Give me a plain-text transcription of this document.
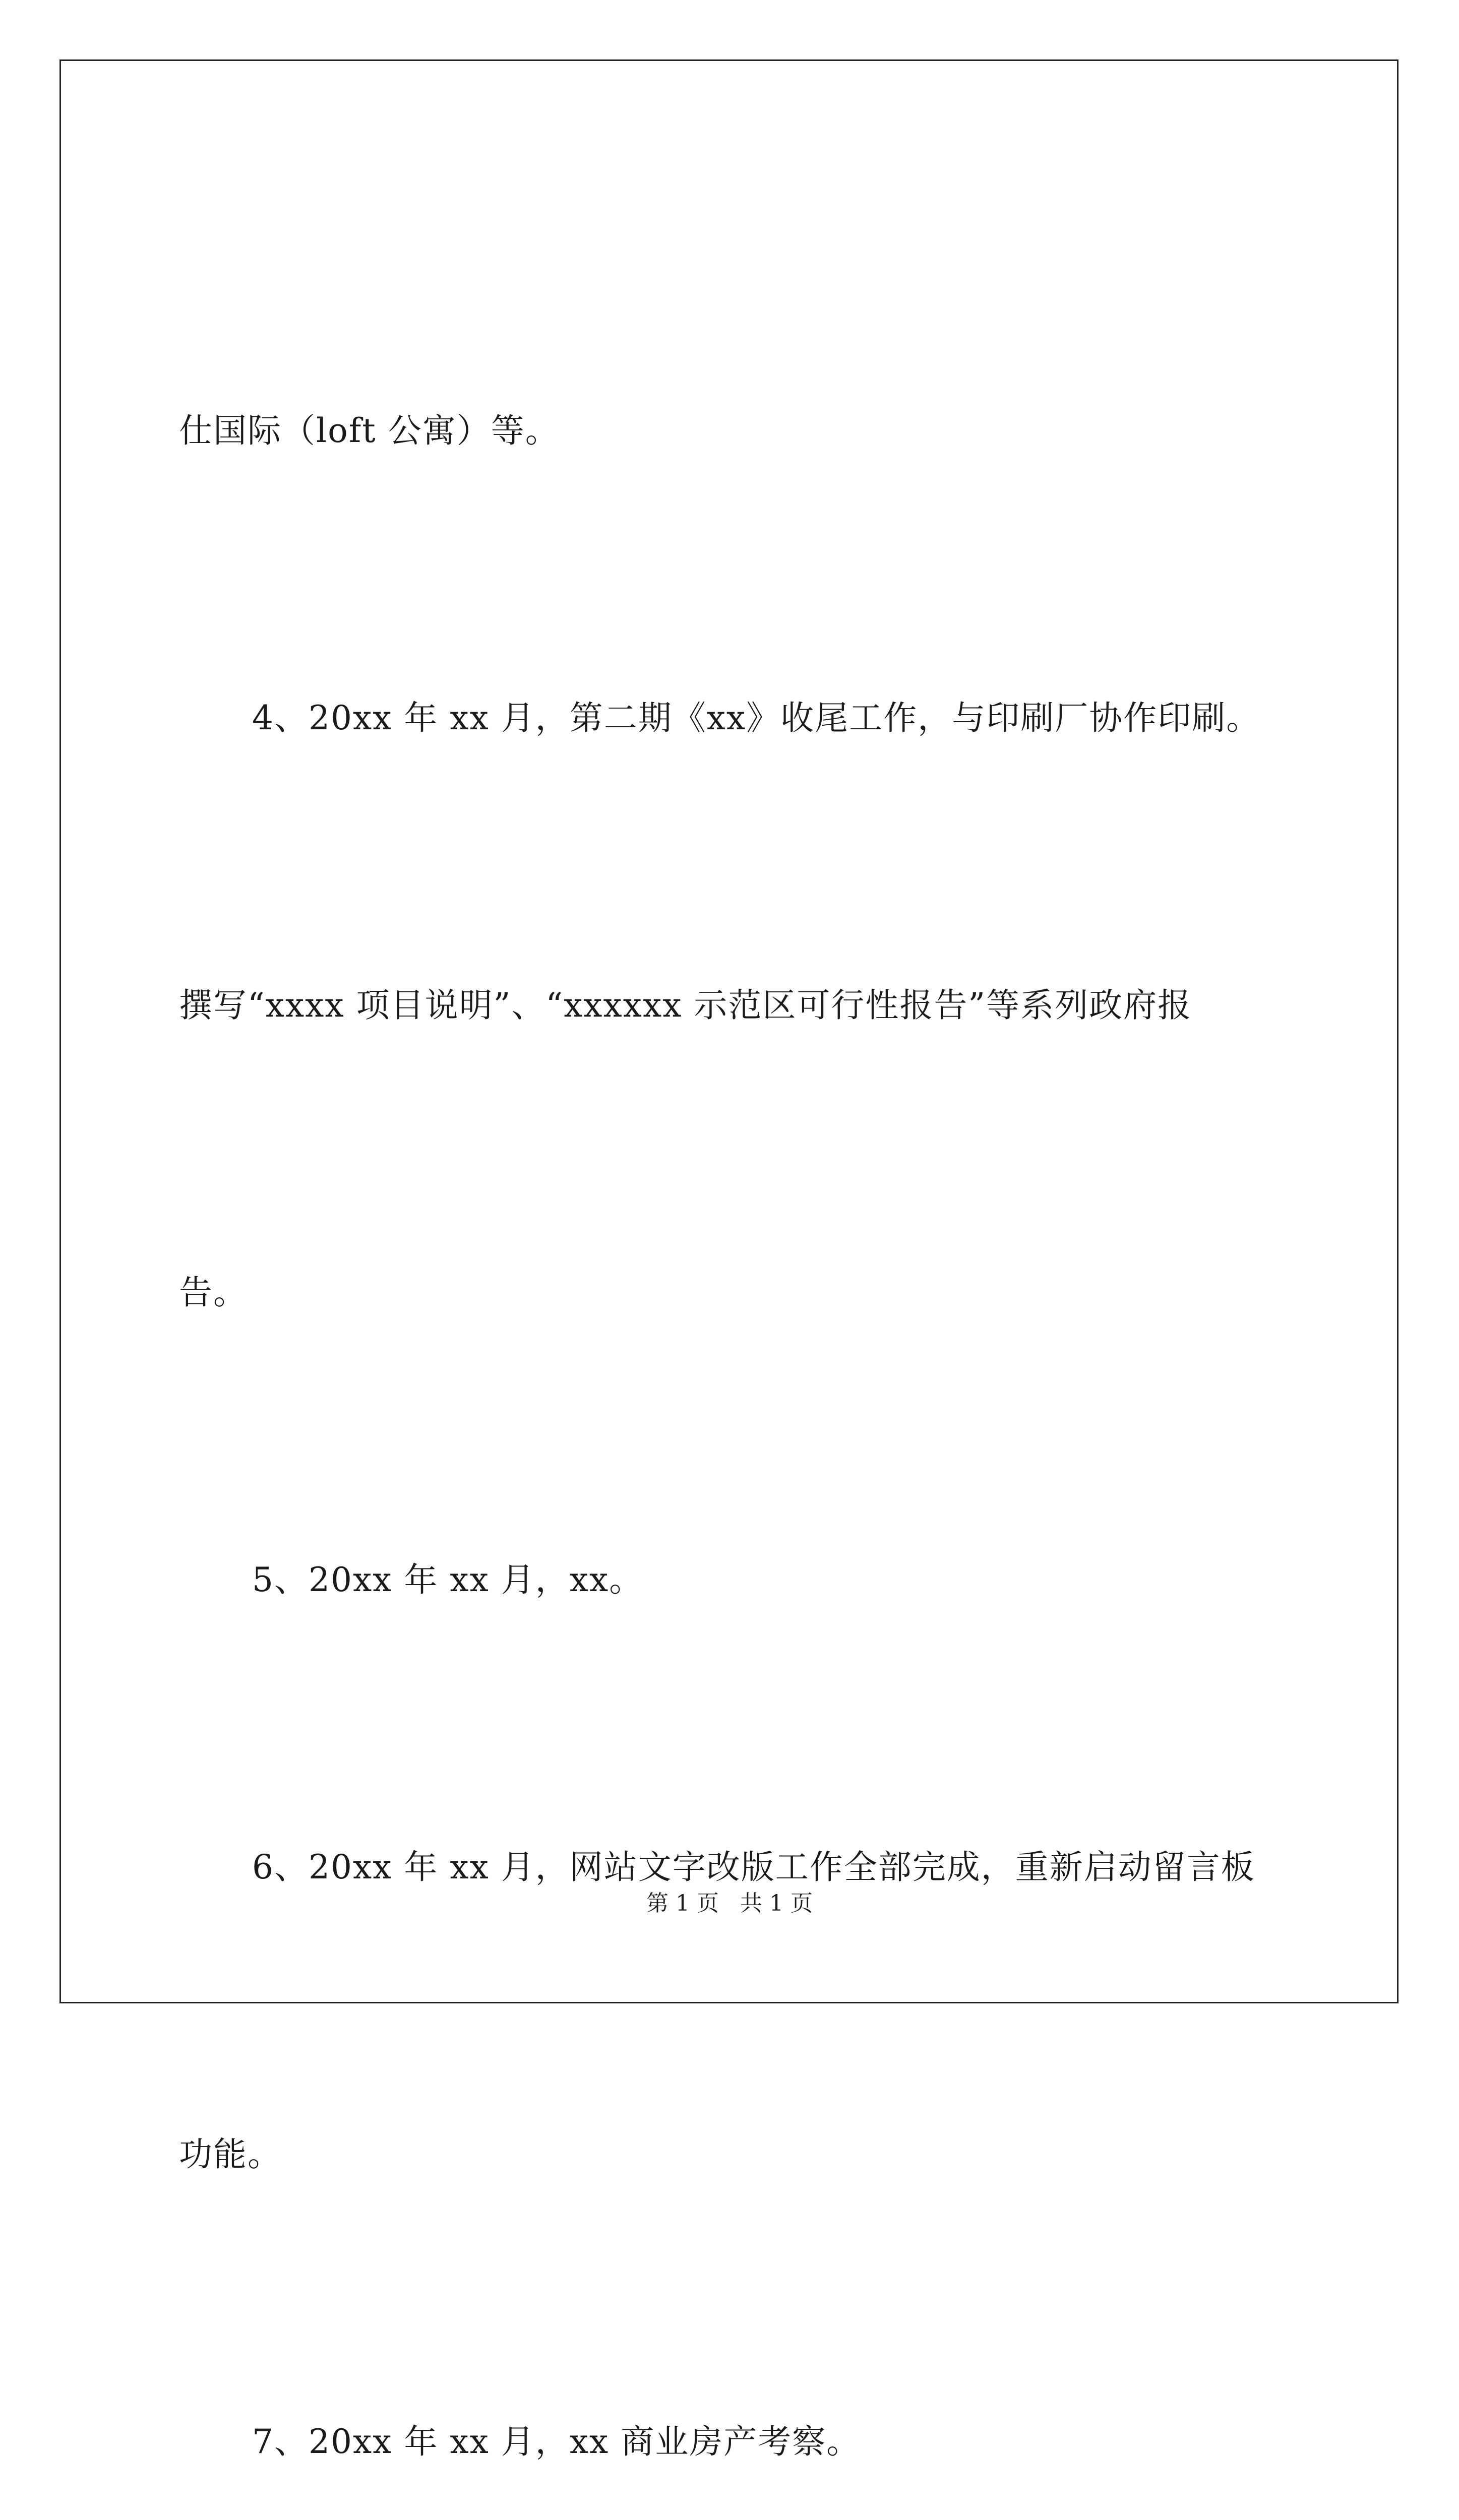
仕国际（loft 公寓）等。

4、20xx 年 xx 月，第二期《xx》收尾工作，与印刷厂协作印刷。

撰写“xxxx 项目说明”、“xxxxxx 示范区可行性报告”等系列政府报

告。

5、20xx 年 xx 月，xx。

6、20xx 年 xx 月，网站文字改版工作全部完成，重新启动留言板

功能。

7、20xx 年 xx 月，xx 商业房产考察。

第 1 页   共 1 页
